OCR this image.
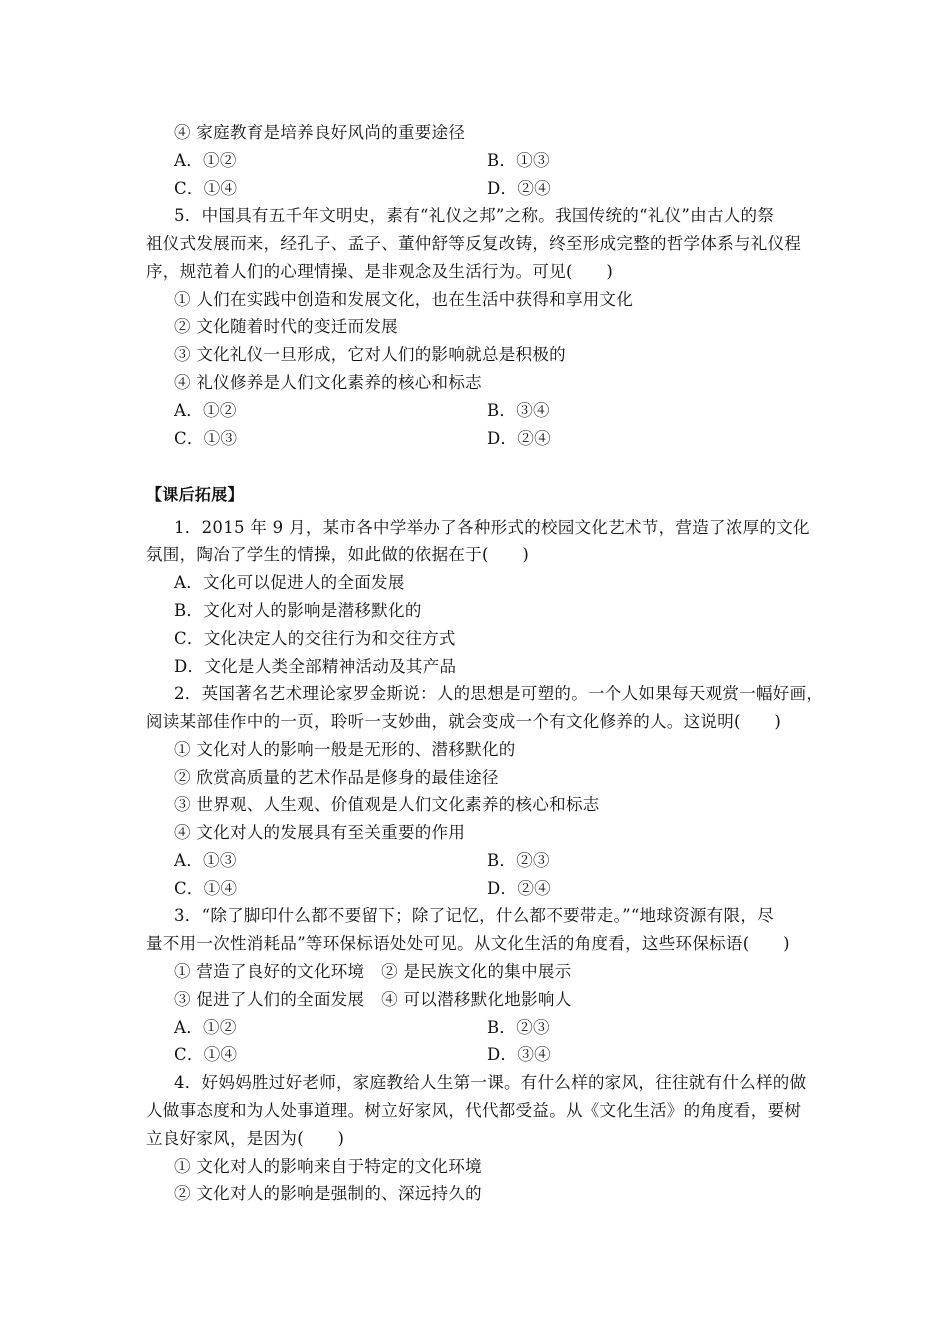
④ 家庭教育是培养良好风尚的重要途径
A．①②	B．①③
C．①④	D．②④
5．中国具有五千年文明史，素有“礼仪之邦”之称。我国传统的“礼仪”由古人的祭
祖仪式发展而来，经孔子、孟子、董仲舒等反复改铸，终至形成完整的哲学体系与礼仪程
序，规范着人们的心理情操、是非观念及生活行为。可见(　　)
① 人们在实践中创造和发展文化，也在生活中获得和享用文化
② 文化随着时代的变迁而发展
③ 文化礼仪一旦形成，它对人们的影响就总是积极的
④ 礼仪修养是人们文化素养的核心和标志
A．①②	B．③④
C．①③	D．②④
【课后拓展】
1．2015 年 9 月，某市各中学举办了各种形式的校园文化艺术节，营造了浓厚的文化
氛围，陶冶了学生的情操，如此做的依据在于(　　)
A．文化可以促进人的全面发展
B．文化对人的影响是潜移默化的
C．文化决定人的交往行为和交往方式
D．文化是人类全部精神活动及其产品
2．英国著名艺术理论家罗金斯说：人的思想是可塑的。一个人如果每天观赏一幅好画，
阅读某部佳作中的一页，聆听一支妙曲，就会变成一个有文化修养的人。这说明(　　)
① 文化对人的影响一般是无形的、潜移默化的
② 欣赏高质量的艺术作品是修身的最佳途径
③ 世界观、人生观、价值观是人们文化素养的核心和标志
④ 文化对人的发展具有至关重要的作用
A．①③	B．②③
C．①④	D．②④
3．“除了脚印什么都不要留下；除了记忆，什么都不要带走。”“地球资源有限，尽
量不用一次性消耗品”等环保标语处处可见。从文化生活的角度看，这些环保标语(　　)
① 营造了良好的文化环境　② 是民族文化的集中展示
③ 促进了人们的全面发展　④ 可以潜移默化地影响人
A．①②	B．②③
C．①④	D．③④
4．好妈妈胜过好老师，家庭教给人生第一课。有什么样的家风，往往就有什么样的做
人做事态度和为人处事道理。树立好家风，代代都受益。从《文化生活》的角度看，要树
立良好家风，是因为(　　)
① 文化对人的影响来自于特定的文化环境
② 文化对人的影响是强制的、深远持久的
